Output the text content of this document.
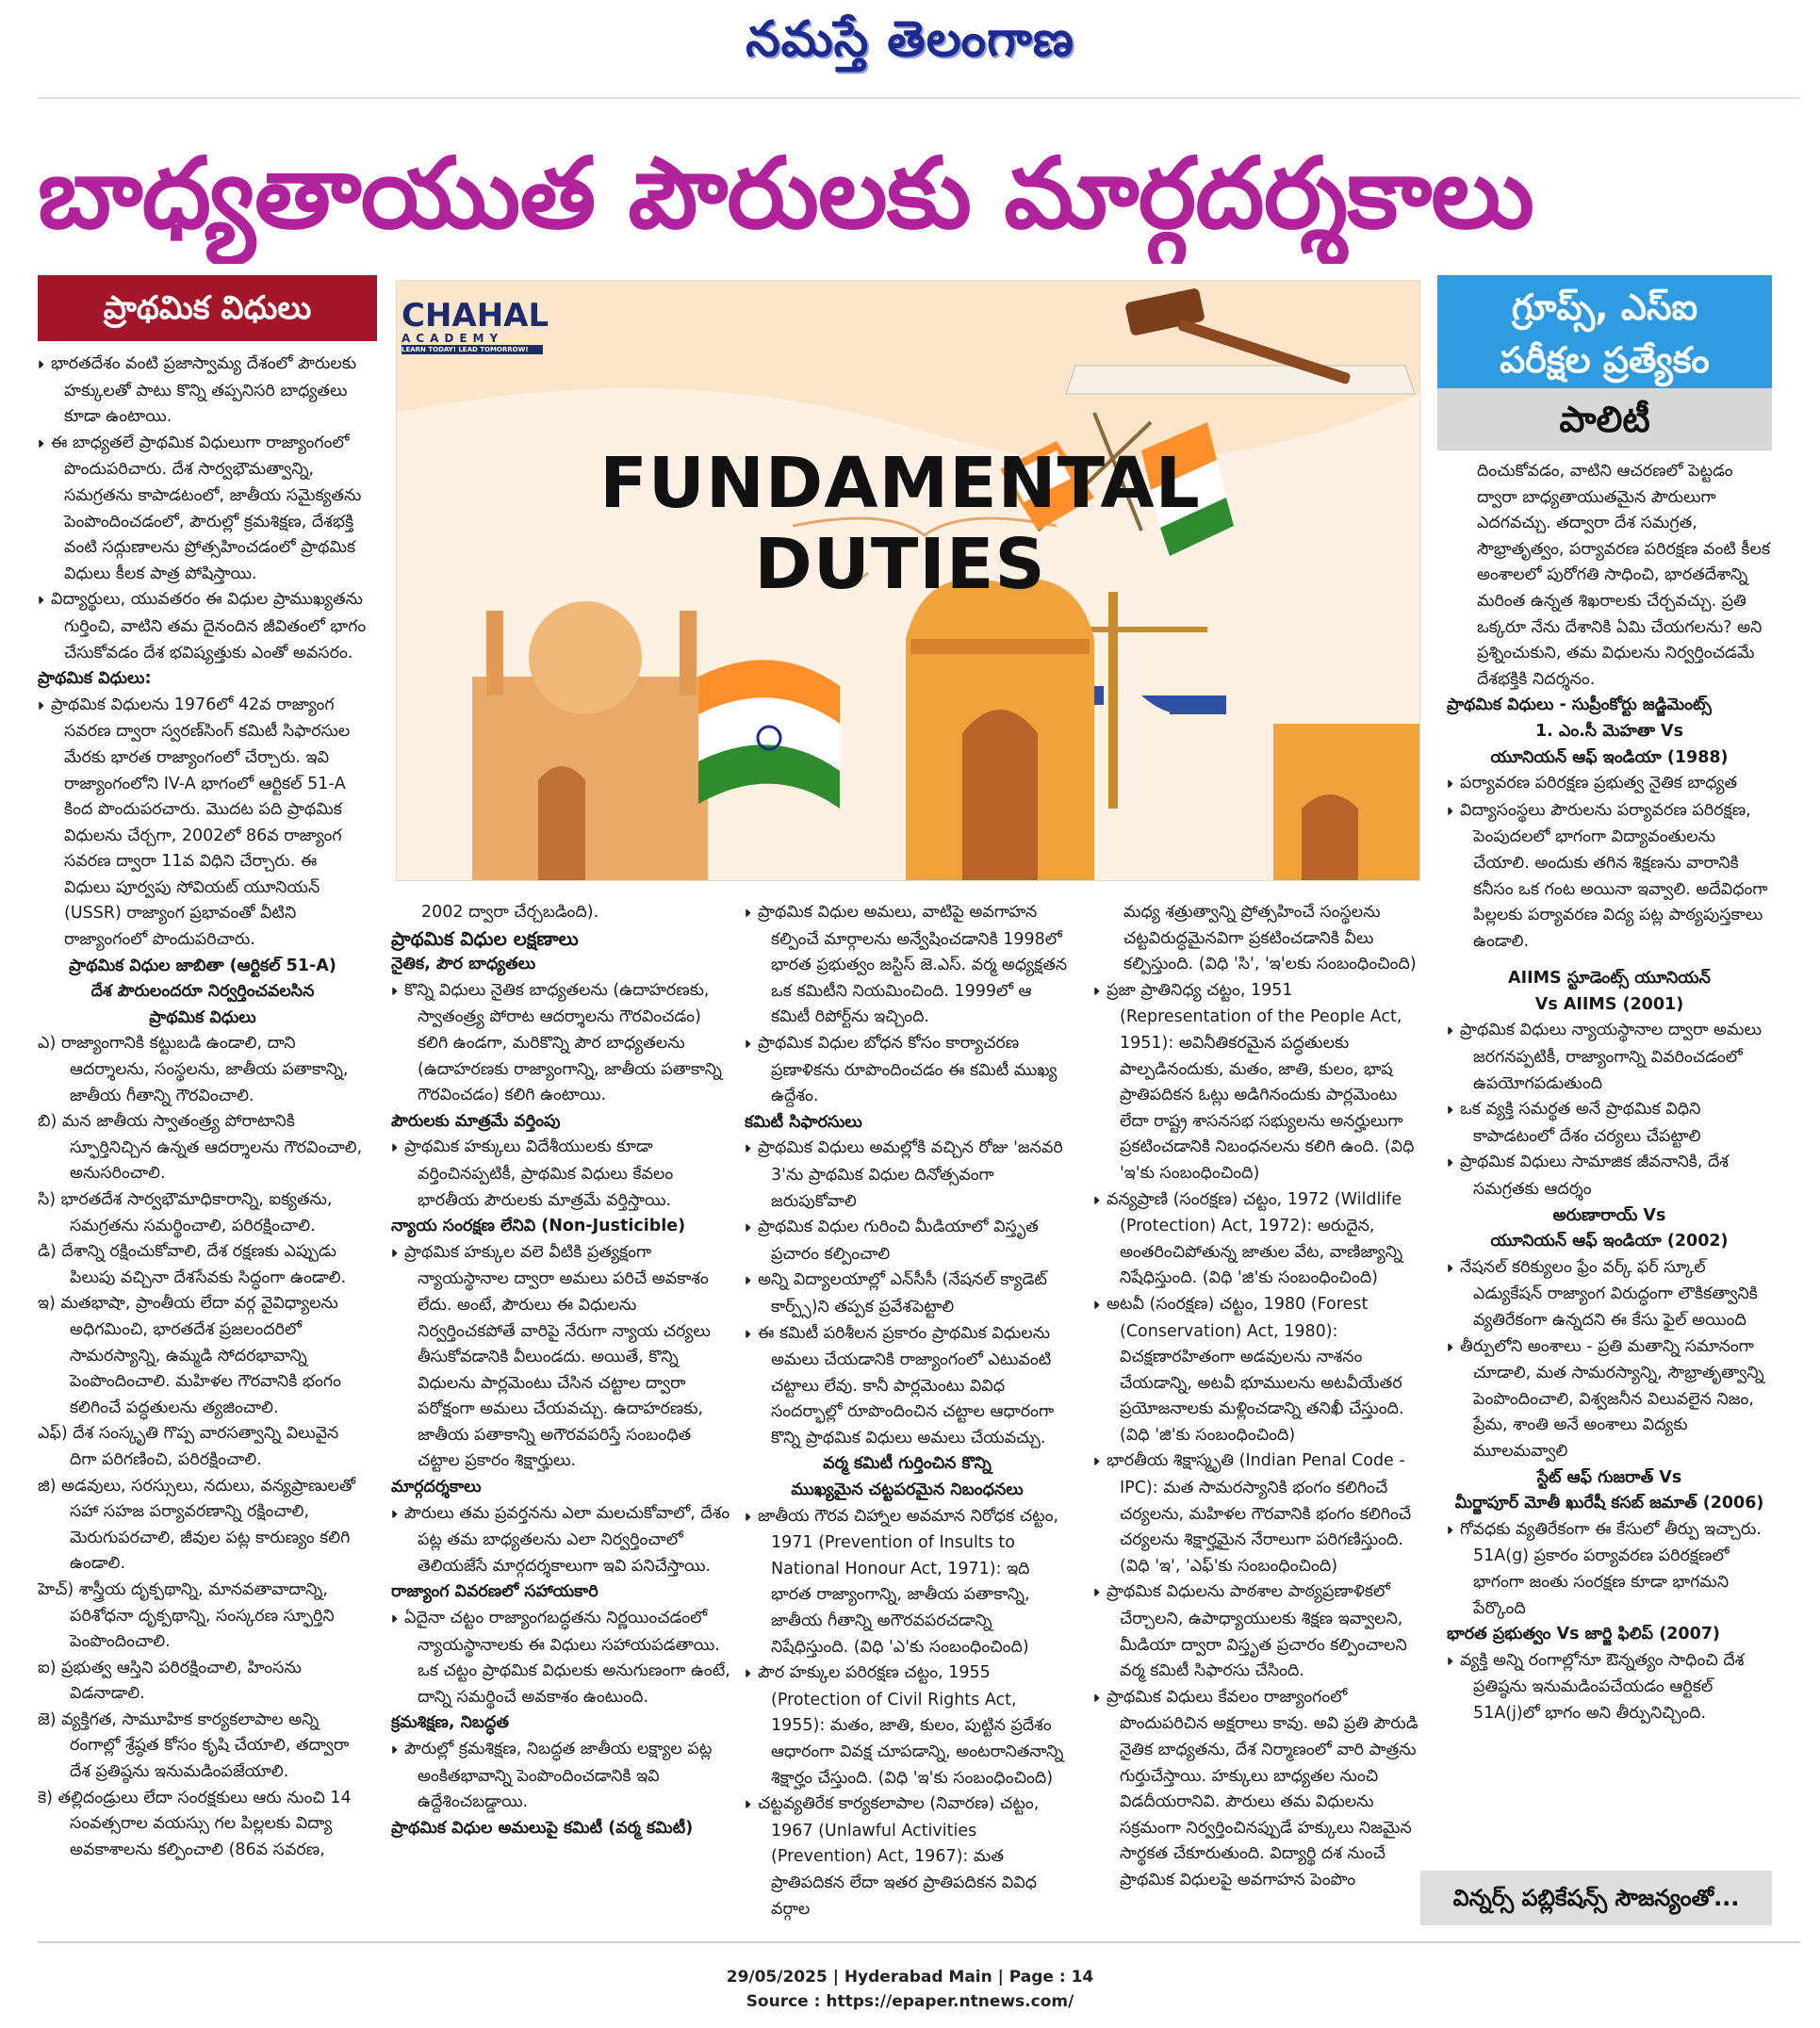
నమస్తే తెలంగాణ
బాధ్యతాయుత పౌరులకు మార్గదర్శకాలు
ప్రాథమిక విధులు	గ్రూప్స్, ఎస్ఐ
పరీక్షల ప్రత్యేకం
పాలిటీ
CHAHAL
ACADEMY
LEARN TODAY! LEAD TOMORROW!
FUNDAMENTAL DUTIES

⏵⏵ భారతదేశం వంటి ప్రజాస్వామ్య దేశంలో పౌరులకు హక్కులతో పాటు కొన్ని తప్పనిసరి బాధ్యతలు కూడా ఉంటాయి.

⏵⏵ ఈ బాధ్యతలే ప్రాథమిక విధులుగా రాజ్యాంగంలో పొందుపరిచారు. దేశ సార్వభౌమత్వాన్ని, సమగ్రతను కాపాడటంలో, జాతీయ సమైక్యతను పెంపొందించడంలో, పౌరుల్లో క్రమశిక్షణ, దేశభక్తి వంటి సద్గుణాలను ప్రోత్సహించడంలో ప్రాథమిక విధులు కీలక పాత్ర పోషిస్తాయి.

⏵⏵ విద్యార్థులు, యువతరం ఈ విధుల ప్రాముఖ్యతను గుర్తించి, వాటిని తమ దైనందిన జీవితంలో భాగం చేసుకోవడం దేశ భవిష్యత్తుకు ఎంతో అవసరం.

ప్రాథమిక విధులు:

⏵⏵ ప్రాథమిక విధులను 1976లో 42వ రాజ్యాంగ సవరణ ద్వారా స్వరణ్‌సింగ్ కమిటీ సిఫారసుల మేరకు భారత రాజ్యాంగంలో చేర్చారు. ఇవి రాజ్యాంగంలోని IV-A భాగంలో ఆర్టికల్ 51-A కింద పొందుపరచారు. మొదట పది ప్రాథమిక విధులను చేర్చగా, 2002లో 86వ రాజ్యాంగ సవరణ ద్వారా 11వ విధిని చేర్చారు. ఈ విధులు పూర్వపు సోవియట్ యూనియన్ (USSR) రాజ్యాంగ ప్రభావంతో వీటిని రాజ్యాంగంలో పొందుపరిచారు.

ప్రాథమిక విధుల జాబితా (ఆర్టికల్ 51-A)

దేశ పౌరులందరూ నిర్వర్తించవలసిన

ప్రాథమిక విధులు

ఎ) రాజ్యాంగానికి కట్టుబడి ఉండాలి, దాని ఆదర్శాలను, సంస్థలను, జాతీయ పతాకాన్ని, జాతీయ గీతాన్ని గౌరవించాలి.

బి) మన జాతీయ స్వాతంత్ర్య పోరాటానికి స్ఫూర్తినిచ్చిన ఉన్నత ఆదర్శాలను గౌరవించాలి, అనుసరించాలి.

సి) భారతదేశ సార్వభౌమాధికారాన్ని, ఐక్యతను, సమగ్రతను సమర్థించాలి, పరిరక్షించాలి.

డి) దేశాన్ని రక్షించుకోవాలి, దేశ రక్షణకు ఎప్పుడు పిలుపు వచ్చినా దేశసేవకు సిద్ధంగా ఉండాలి.

ఇ) మతభాషా, ప్రాంతీయ లేదా వర్గ వైవిధ్యాలను అధిగమించి, భారతదేశ ప్రజలందరిలో సామరస్యాన్ని, ఉమ్మడి సోదరభావాన్ని పెంపొందించాలి. మహిళల గౌరవానికి భంగం కలిగించే పద్ధతులను త్యజించాలి.

ఎఫ్) దేశ సంస్కృతి గొప్ప వారసత్వాన్ని విలువైన దిగా పరిగణించి, పరిరక్షించాలి.

జి) అడవులు, సరస్సులు, నదులు, వన్యప్రాణులతో సహా సహజ పర్యావరణాన్ని రక్షించాలి, మెరుగుపరచాలి, జీవుల పట్ల కారుణ్యం కలిగి ఉండాలి.

హెచ్) శాస్త్రీయ దృక్పథాన్ని, మానవతావాదాన్ని, పరిశోధనా దృక్పథాన్ని, సంస్కరణ స్ఫూర్తిని పెంపొందించాలి.

ఐ) ప్రభుత్వ ఆస్తిని పరిరక్షించాలి, హింసను విడనాడాలి.

జె) వ్యక్తిగత, సామూహిక కార్యకలాపాల అన్ని రంగాల్లో శ్రేష్ఠత కోసం కృషి చేయాలి, తద్వారా దేశ ప్రతిష్ఠను ఇనుమడింపజేయాలి.

కె) తల్లిదండ్రులు లేదా సంరక్షకులు ఆరు నుంచి 14 సంవత్సరాల వయస్సు గల పిల్లలకు విద్యా అవకాశాలను కల్పించాలి (86వ సవరణ,

2002 ద్వారా చేర్చబడింది).

ప్రాథమిక విధుల లక్షణాలు

నైతిక, పౌర బాధ్యతలు

⏵⏵ కొన్ని విధులు నైతిక బాధ్యతలను (ఉదాహరణకు, స్వాతంత్ర్య పోరాట ఆదర్శాలను గౌరవించడం) కలిగి ఉండగా, మరికొన్ని పౌర బాధ్యతలను (ఉదాహరణకు రాజ్యాంగాన్ని, జాతీయ పతాకాన్ని గౌరవించడం) కలిగి ఉంటాయి.

పౌరులకు మాత్రమే వర్తింపు

⏵⏵ ప్రాథమిక హక్కులు విదేశీయులకు కూడా వర్తించినప్పటికీ, ప్రాథమిక విధులు కేవలం భారతీయ పౌరులకు మాత్రమే వర్తిస్తాయి.

న్యాయ సంరక్షణ లేనివి (Non-Justicible)

⏵⏵ ప్రాథమిక హక్కుల వలె వీటికి ప్రత్యక్షంగా న్యాయస్థానాల ద్వారా అమలు పరిచే అవకాశం లేదు. అంటే, పౌరులు ఈ విధులను నిర్వర్తించకపోతే వారిపై నేరుగా న్యాయ చర్యలు తీసుకోవడానికి వీలుండదు. అయితే, కొన్ని విధులను పార్లమెంటు చేసిన చట్టాల ద్వారా పరోక్షంగా అమలు చేయవచ్చు. ఉదాహరణకు, జాతీయ పతాకాన్ని అగౌరవపరిస్తే సంబంధిత చట్టాల ప్రకారం శిక్షార్హులు.

మార్గదర్శకాలు

⏵⏵ పౌరులు తమ ప్రవర్తనను ఎలా మలచుకోవాలో, దేశం పట్ల తమ బాధ్యతలను ఎలా నిర్వర్తించాలో తెలియజేసే మార్గదర్శకాలుగా ఇవి పనిచేస్తాయి.

రాజ్యాంగ వివరణలో సహాయకారి

⏵⏵ ఏదైనా చట్టం రాజ్యాంగబద్ధతను నిర్ణయించడంలో న్యాయస్థానాలకు ఈ విధులు సహాయపడతాయి. ఒక చట్టం ప్రాథమిక విధులకు అనుగుణంగా ఉంటే, దాన్ని సమర్థించే అవకాశం ఉంటుంది.

క్రమశిక్షణ, నిబద్ధత

⏵⏵ పౌరుల్లో క్రమశిక్షణ, నిబద్ధత జాతీయ లక్ష్యాల పట్ల అంకితభావాన్ని పెంపొందించడానికి ఇవి ఉద్దేశించబడ్డాయి.

ప్రాథమిక విధుల అమలుపై కమిటీ (వర్మ కమిటీ)

⏵⏵ ప్రాథమిక విధుల అమలు, వాటిపై అవగాహన కల్పించే మార్గాలను అన్వేషించడానికి 1998లో భారత ప్రభుత్వం జస్టిస్ జె.ఎస్. వర్మ అధ్యక్షతన ఒక కమిటీని నియమించింది. 1999లో ఆ కమిటీ రిపోర్ట్‌ను ఇచ్చింది.

⏵⏵ ప్రాథమిక విధుల బోధన కోసం కార్యాచరణ ప్రణాళికను రూపొందించడం ఈ కమిటీ ముఖ్య ఉద్దేశం.

కమిటీ సిఫారసులు

⏵⏵ ప్రాథమిక విధులు అమల్లోకి వచ్చిన రోజు 'జనవరి 3'ను ప్రాథమిక విధుల దినోత్సవంగా జరుపుకోవాలి

⏵⏵ ప్రాథమిక విధుల గురించి మీడియాలో విస్తృత ప్రచారం కల్పించాలి

⏵⏵ అన్ని విద్యాలయాల్లో ఎన్‌సీసీ (నేషనల్ క్యాడెట్ కార్ప్స్)ని తప్పక ప్రవేశపెట్టాలి

⏵⏵ ఈ కమిటీ పరిశీలన ప్రకారం ప్రాథమిక విధులను అమలు చేయడానికి రాజ్యాంగంలో ఎటువంటి చట్టాలు లేవు. కానీ పార్లమెంటు వివిధ సందర్భాల్లో రూపొందించిన చట్టాల ఆధారంగా కొన్ని ప్రాథమిక విధులు అమలు చేయవచ్చు.

వర్మ కమిటీ గుర్తించిన కొన్ని

ముఖ్యమైన చట్టపరమైన నిబంధనలు

⏵⏵ జాతీయ గౌరవ చిహ్నాల అవమాన నిరోధక చట్టం, 1971 (Prevention of Insults to National Honour Act, 1971): ఇది భారత రాజ్యాంగాన్ని, జాతీయ పతాకాన్ని, జాతీయ గీతాన్ని అగౌరవపరచడాన్ని నిషేధిస్తుంది. (విధి 'ఎ'కు సంబంధించింది)

⏵⏵ పౌర హక్కుల పరిరక్షణ చట్టం, 1955 (Protection of Civil Rights Act, 1955): మతం, జాతి, కులం, పుట్టిన ప్రదేశం ఆధారంగా వివక్ష చూపడాన్ని, అంటరానితనాన్ని శిక్షార్హం చేస్తుంది. (విధి 'ఇ'కు సంబంధించింది)

⏵⏵ చట్టవ్యతిరేక కార్యకలాపాల (నివారణ) చట్టం, 1967 (Unlawful Activities (Prevention) Act, 1967): మత ప్రాతిపదికన లేదా ఇతర ప్రాతిపదికన వివిధ వర్గాల

మధ్య శత్రుత్వాన్ని ప్రోత్సహించే సంస్థలను చట్టవిరుద్ధమైనవిగా ప్రకటించడానికి వీలు కల్పిస్తుంది. (విధి 'సి', 'ఇ'లకు సంబంధించింది)

⏵⏵ ప్రజా ప్రాతినిధ్య చట్టం, 1951 (Representation of the People Act, 1951): అవినీతికరమైన పద్ధతులకు పాల్పడినందుకు, మతం, జాతి, కులం, భాష ప్రాతిపదికన ఓట్లు అడిగినందుకు పార్లమెంటు లేదా రాష్ట్ర శాసనసభ సభ్యులను అనర్హులుగా ప్రకటించడానికి నిబంధనలను కలిగి ఉంది. (విధి 'ఇ'కు సంబంధించింది)

⏵⏵ వన్యప్రాణి (సంరక్షణ) చట్టం, 1972 (Wildlife (Protection) Act, 1972): అరుదైన, అంతరించిపోతున్న జాతుల వేట, వాణిజ్యాన్ని నిషేధిస్తుంది. (విధి 'జి'కు సంబంధించింది)

⏵⏵ అటవీ (సంరక్షణ) చట్టం, 1980 (Forest (Conservation) Act, 1980): విచక్షణారహితంగా అడవులను నాశనం చేయడాన్ని, అటవీ భూములను అటవీయేతర ప్రయోజనాలకు మళ్లించడాన్ని తనిఖీ చేస్తుంది. (విధి 'జి'కు సంబంధించింది)

⏵⏵ భారతీయ శిక్షాస్మృతి (Indian Penal Code - IPC): మత సామరస్యానికి భంగం కలిగించే చర్యలను, మహిళల గౌరవానికి భంగం కలిగించే చర్యలను శిక్షార్హమైన నేరాలుగా పరిగణిస్తుంది. (విధి 'ఇ', 'ఎఫ్'కు సంబంధించింది)

⏵⏵ ప్రాథమిక విధులను పాఠశాల పాఠ్యప్రణాళికలో చేర్చాలని, ఉపాధ్యాయులకు శిక్షణ ఇవ్వాలని, మీడియా ద్వారా విస్తృత ప్రచారం కల్పించాలని వర్మ కమిటీ సిఫారసు చేసింది.

⏵⏵ ప్రాథమిక విధులు కేవలం రాజ్యాంగంలో పొందుపరిచిన అక్షరాలు కావు. అవి ప్రతి పౌరుడి నైతిక బాధ్యతను, దేశ నిర్మాణంలో వారి పాత్రను గుర్తుచేస్తాయి. హక్కులు బాధ్యతల నుంచి విడదీయరానివి. పౌరులు తమ విధులను సక్రమంగా నిర్వర్తించినప్పుడే హక్కులు నిజమైన సార్థకత చేకూరుతుంది. విద్యార్థి దశ నుంచే ప్రాథమిక విధులపై అవగాహన పెంపొం

దించుకోవడం, వాటిని ఆచరణలో పెట్టడం ద్వారా బాధ్యతాయుతమైన పౌరులుగా ఎదగవచ్చు. తద్వారా దేశ సమగ్రత, సౌభ్రాతృత్వం, పర్యావరణ పరిరక్షణ వంటి కీలక అంశాలలో పురోగతి సాధించి, భారతదేశాన్ని మరింత ఉన్నత శిఖరాలకు చేర్చవచ్చు. ప్రతి ఒక్కరూ నేను దేశానికి ఏమి చేయగలను? అని ప్రశ్నించుకుని, తమ విధులను నిర్వర్తించడమే దేశభక్తికి నిదర్శనం.

ప్రాథమిక విధులు - సుప్రీంకోర్టు జడ్జిమెంట్స్

1. ఎం.సీ మెహతా Vs

యూనియన్ ఆఫ్ ఇండియా (1988)

⏵⏵ పర్యావరణ పరిరక్షణ ప్రభుత్వ నైతిక బాధ్యత

⏵⏵ విద్యాసంస్థలు పౌరులను పర్యావరణ పరిరక్షణ, పెంపుదలలో భాగంగా విద్యావంతులను చేయాలి. అందుకు తగిన శిక్షణను వారానికి కనీసం ఒక గంట అయినా ఇవ్వాలి. అదేవిధంగా పిల్లలకు పర్యావరణ విద్య పట్ల పాఠ్యపుస్తకాలు ఉండాలి.

AIIMS స్టూడెంట్స్ యూనియన్

Vs AIIMS (2001)

⏵⏵ ప్రాథమిక విధులు న్యాయస్థానాల ద్వారా అమలు జరగనప్పటికీ, రాజ్యాంగాన్ని వివరించడంలో ఉపయోగపడుతుంది

⏵⏵ ఒక వ్యక్తి సమర్థత అనే ప్రాథమిక విధిని కాపాడటంలో దేశం చర్యలు చేపట్టాలి

⏵⏵ ప్రాథమిక విధులు సామాజిక జీవనానికి, దేశ సమగ్రతకు ఆదర్శం

అరుణారాయ్ Vs

యూనియన్ ఆఫ్ ఇండియా (2002)

⏵⏵ నేషనల్ కరిక్యులం ఫ్రేం వర్క్ ఫర్ స్కూల్ ఎడ్యుకేషన్ రాజ్యాంగ విరుద్ధంగా లౌకికత్వానికి వ్యతిరేకంగా ఉన్నదని ఈ కేసు ఫైల్ అయింది

⏵⏵ తీర్పులోని అంశాలు - ప్రతి మతాన్ని సమానంగా చూడాలి, మత సామరస్యాన్ని, సౌభ్రాతృత్వాన్ని పెంపొందించాలి, విశ్వజనీన విలువలైన నిజం, ప్రేమ, శాంతి అనే అంశాలు విద్యకు మూలమవ్వాలి

స్టేట్ ఆఫ్ గుజరాత్ Vs

మీర్జాపూర్ మోతీ ఖురేషీ కసబ్ జమాత్ (2006)

⏵⏵ గోవధకు వ్యతిరేకంగా ఈ కేసులో తీర్పు ఇచ్చారు. 51A(g) ప్రకారం పర్యావరణ పరిరక్షణలో భాగంగా జంతు సంరక్షణ కూడా భాగమని పేర్కొంది

భారత ప్రభుత్వం Vs జార్జి ఫిలిప్ (2007)

⏵⏵ వ్యక్తి అన్ని రంగాల్లోనూ ఔన్నత్యం సాధించి దేశ ప్రతిష్ఠను ఇనుమడింపచేయడం ఆర్టికల్ 51A(j)లో భాగం అని తీర్పునిచ్చింది.

విన్నర్స్ పబ్లికేషన్స్ సౌజన్యంతో...
29/05/2025 | Hyderabad Main | Page : 14
Source : https://epaper.ntnews.com/
